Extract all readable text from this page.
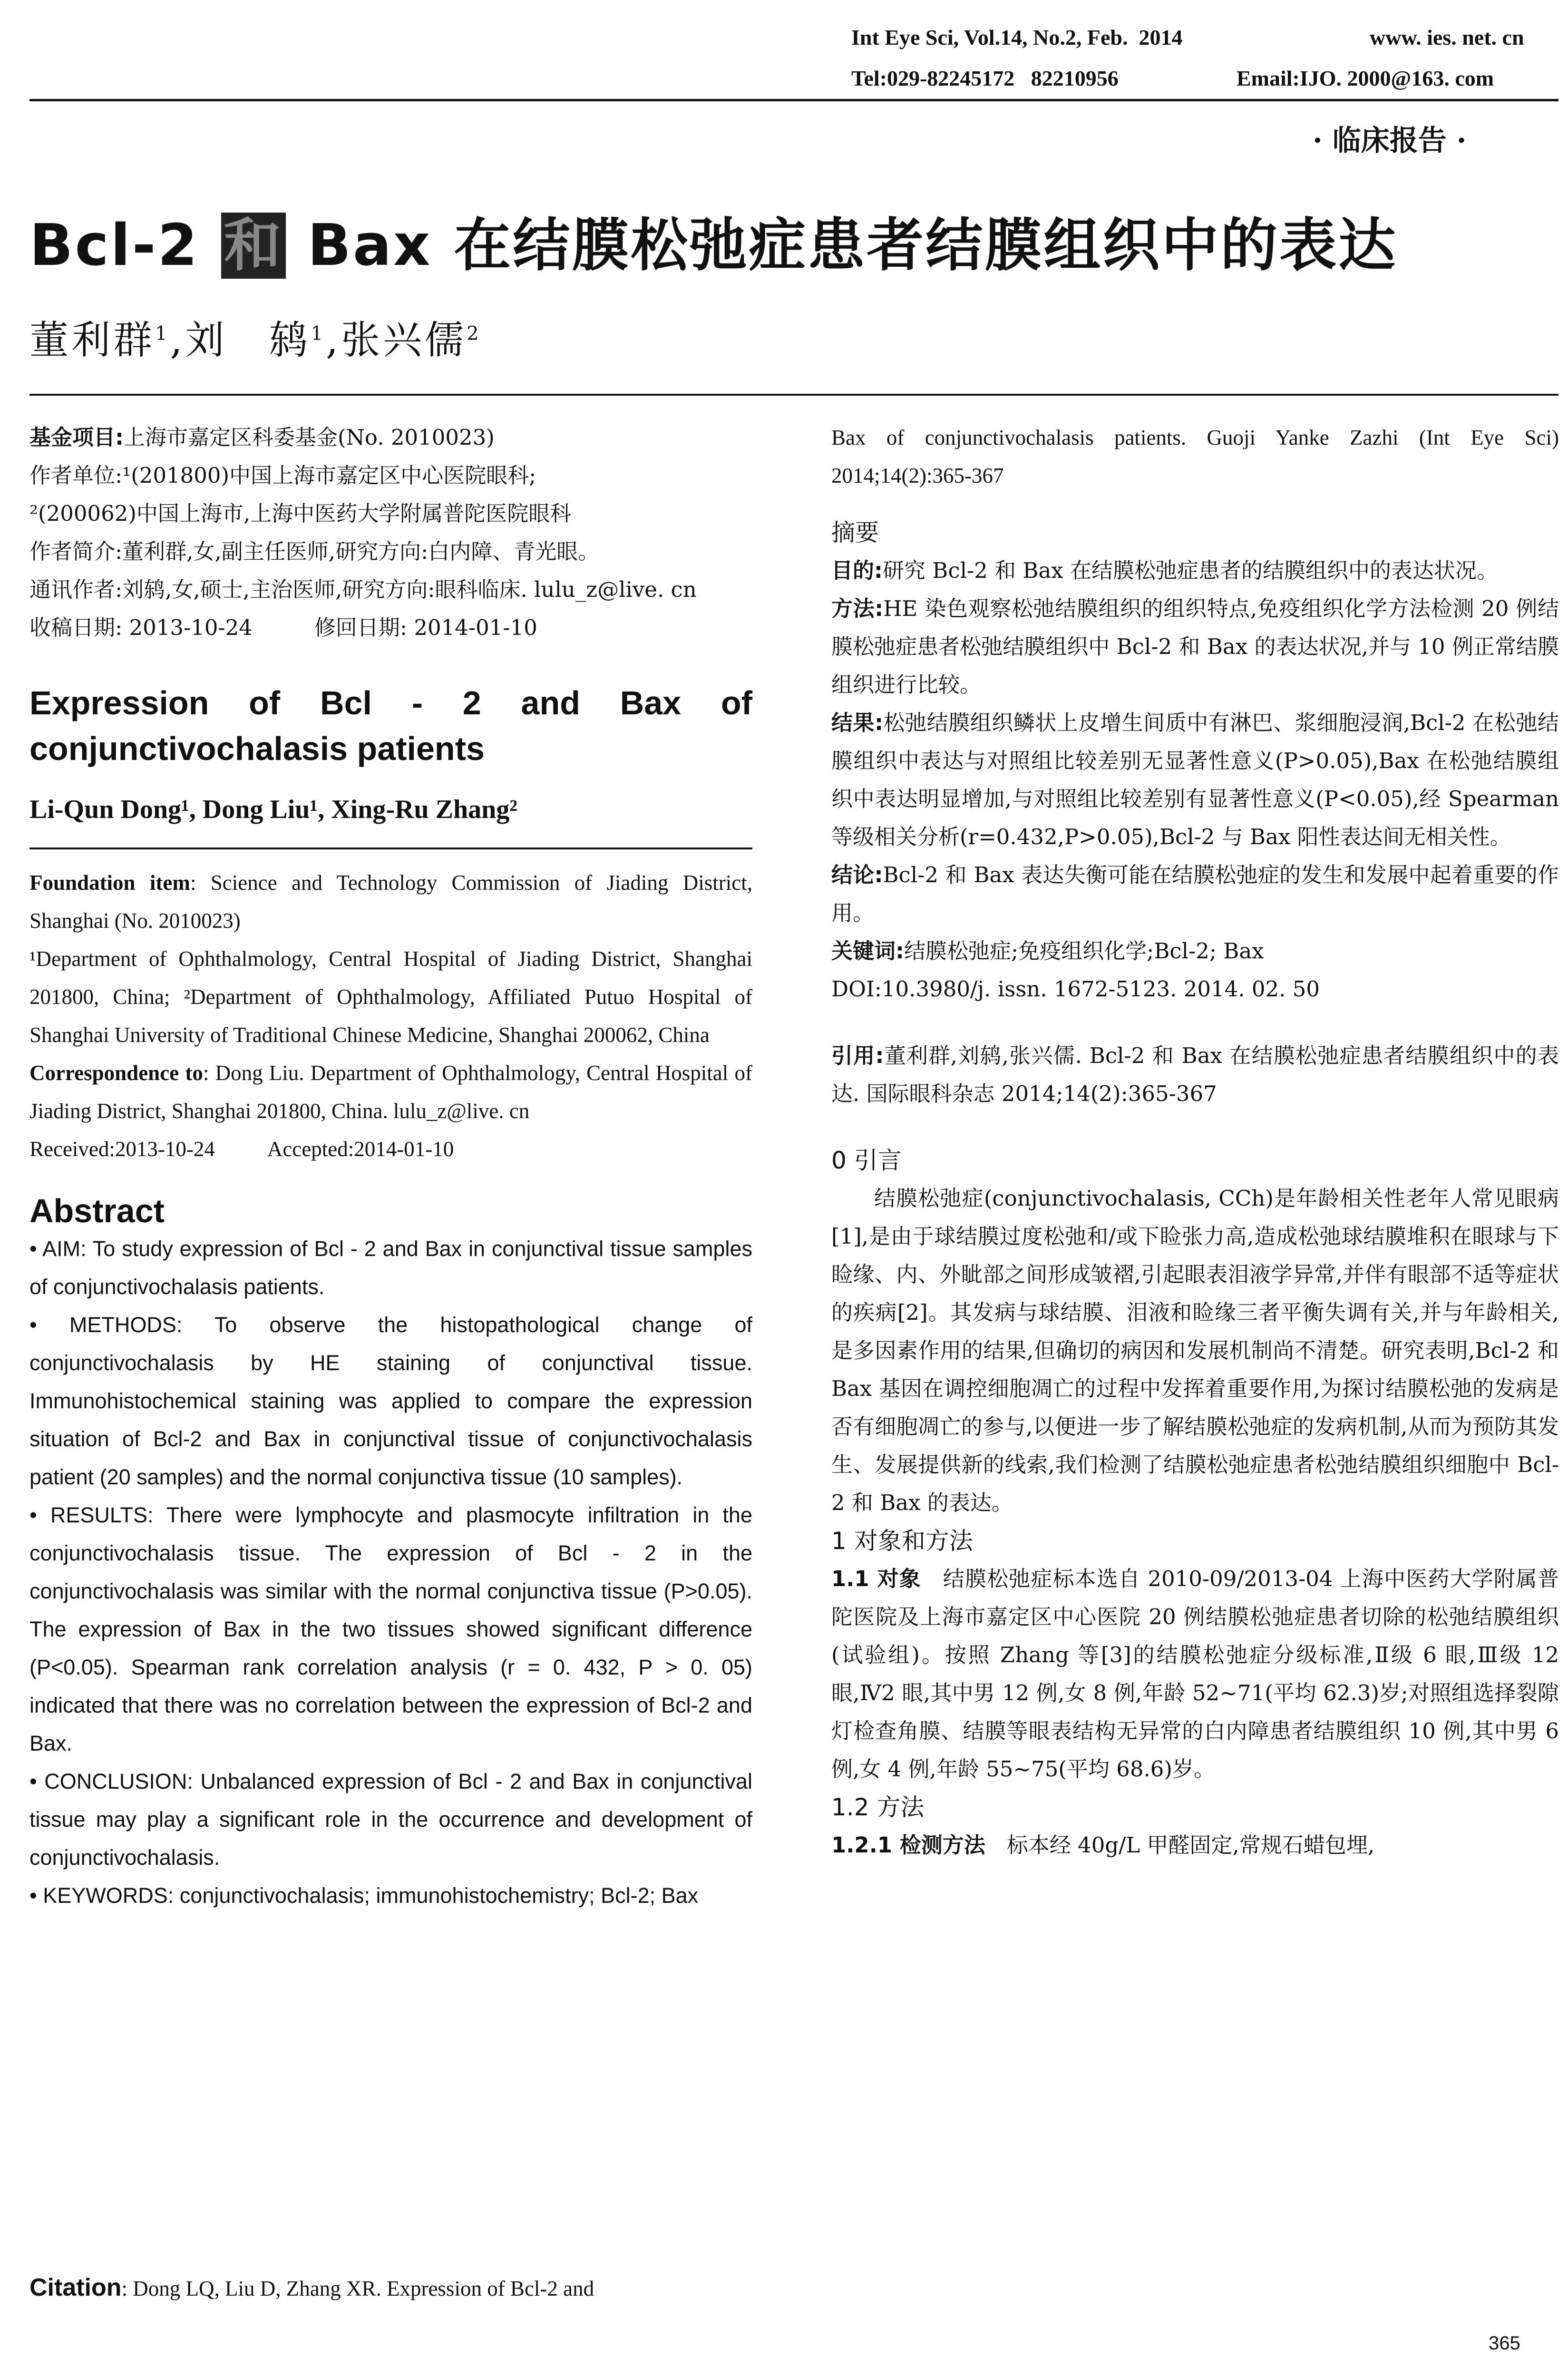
Int Eye Sci, Vol.14, No.2, Feb.  2014	www. ies. net. cn
Tel:029-82245172   82210956	Email:IJO. 2000@163. com
· 临床报告 ·
Bcl-2 和 Bax 在结膜松弛症患者结膜组织中的表达
董利群$^1$,刘　鸫$^1$,张兴儒$^2$

基金项目:上海市嘉定区科委基金(No. 2010023)

作者单位:¹(201800)中国上海市嘉定区中心医院眼科;

²(200062)中国上海市,上海中医药大学附属普陀医院眼科

作者简介:董利群,女,副主任医师,研究方向:白内障、青光眼。

通讯作者:刘鸫,女,硕士,主治医师,研究方向:眼科临床. lulu_z@live. cn

收稿日期: 2013-10-24	修回日期: 2014-01-10

Expression of Bcl - 2 and Bax of conjunctivochalasis patients
Li-Qun Dong¹, Dong Liu¹, Xing-Ru Zhang²

Foundation item: Science and Technology Commission of Jiading District, Shanghai (No. 2010023)

¹Department of Ophthalmology, Central Hospital of Jiading District, Shanghai 201800, China; ²Department of Ophthalmology, Affiliated Putuo Hospital of Shanghai University of Traditional Chinese Medicine, Shanghai 200062, China

Correspondence to: Dong Liu. Department of Ophthalmology, Central Hospital of Jiading District, Shanghai 201800, China. lulu_z@live. cn

Received:2013-10-24 Accepted:2014-01-10

Abstract

• AIM: To study expression of Bcl - 2 and Bax in conjunctival tissue samples of conjunctivochalasis patients.

• METHODS: To observe the histopathological change of conjunctivochalasis by HE staining of conjunctival tissue. Immunohistochemical staining was applied to compare the expression situation of Bcl-2 and Bax in conjunctival tissue of conjunctivochalasis patient (20 samples) and the normal conjunctiva tissue (10 samples).

• RESULTS: There were lymphocyte and plasmocyte infiltration in the conjunctivochalasis tissue. The expression of Bcl - 2 in the conjunctivochalasis was similar with the normal conjunctiva tissue (P>0.05). The expression of Bax in the two tissues showed significant difference (P<0.05). Spearman rank correlation analysis (r = 0. 432, P > 0. 05) indicated that there was no correlation between the expression of Bcl-2 and Bax.

• CONCLUSION: Unbalanced expression of Bcl - 2 and Bax in conjunctival tissue may play a significant role in the occurrence and development of conjunctivochalasis.

• KEYWORDS: conjunctivochalasis; immunohistochemistry; Bcl-2; Bax

Citation: Dong LQ, Liu D, Zhang XR. Expression of Bcl-2 and

Bax of conjunctivochalasis patients. Guoji Yanke Zazhi (Int Eye Sci) 2014;14(2):365-367

摘要

目的:研究 Bcl-2 和 Bax 在结膜松弛症患者的结膜组织中的表达状况。

方法:HE 染色观察松弛结膜组织的组织特点,免疫组织化学方法检测 20 例结膜松弛症患者松弛结膜组织中 Bcl-2 和 Bax 的表达状况,并与 10 例正常结膜组织进行比较。

结果:松弛结膜组织鳞状上皮增生间质中有淋巴、浆细胞浸润,Bcl-2 在松弛结膜组织中表达与对照组比较差别无显著性意义(P>0.05),Bax 在松弛结膜组织中表达明显增加,与对照组比较差别有显著性意义(P<0.05),经 Spearman 等级相关分析(r=0.432,P>0.05),Bcl-2 与 Bax 阳性表达间无相关性。

结论:Bcl-2 和 Bax 表达失衡可能在结膜松弛症的发生和发展中起着重要的作用。

关键词:结膜松弛症;免疫组织化学;Bcl-2; Bax

DOI:10.3980/j. issn. 1672-5123. 2014. 02. 50

引用:董利群,刘鸫,张兴儒. Bcl-2 和 Bax 在结膜松弛症患者结膜组织中的表达. 国际眼科杂志 2014;14(2):365-367

0 引言

结膜松弛症(conjunctivochalasis, CCh)是年龄相关性老年人常见眼病[1],是由于球结膜过度松弛和/或下睑张力高,造成松弛球结膜堆积在眼球与下睑缘、内、外眦部之间形成皱褶,引起眼表泪液学异常,并伴有眼部不适等症状的疾病[2]。其发病与球结膜、泪液和睑缘三者平衡失调有关,并与年龄相关,是多因素作用的结果,但确切的病因和发展机制尚不清楚。研究表明,Bcl-2 和 Bax 基因在调控细胞凋亡的过程中发挥着重要作用,为探讨结膜松弛的发病是否有细胞凋亡的参与,以便进一步了解结膜松弛症的发病机制,从而为预防其发生、发展提供新的线索,我们检测了结膜松弛症患者松弛结膜组织细胞中 Bcl-2 和 Bax 的表达。

1 对象和方法

1.1 对象　 结膜松弛症标本选自 2010-09/2013-04 上海中医药大学附属普陀医院及上海市嘉定区中心医院 20 例结膜松弛症患者切除的松弛结膜组织(试验组)。按照 Zhang 等[3]的结膜松弛症分级标准,Ⅱ级 6 眼,Ⅲ级 12 眼,Ⅳ2 眼,其中男 12 例,女 8 例,年龄 52~71(平均 62.3)岁;对照组选择裂隙灯检查角膜、结膜等眼表结构无异常的白内障患者结膜组织 10 例,其中男 6 例,女 4 例,年龄 55~75(平均 68.6)岁。

1.2 方法

1.2.1 检测方法　 标本经 40g/L 甲醛固定,常规石蜡包埋,

365
